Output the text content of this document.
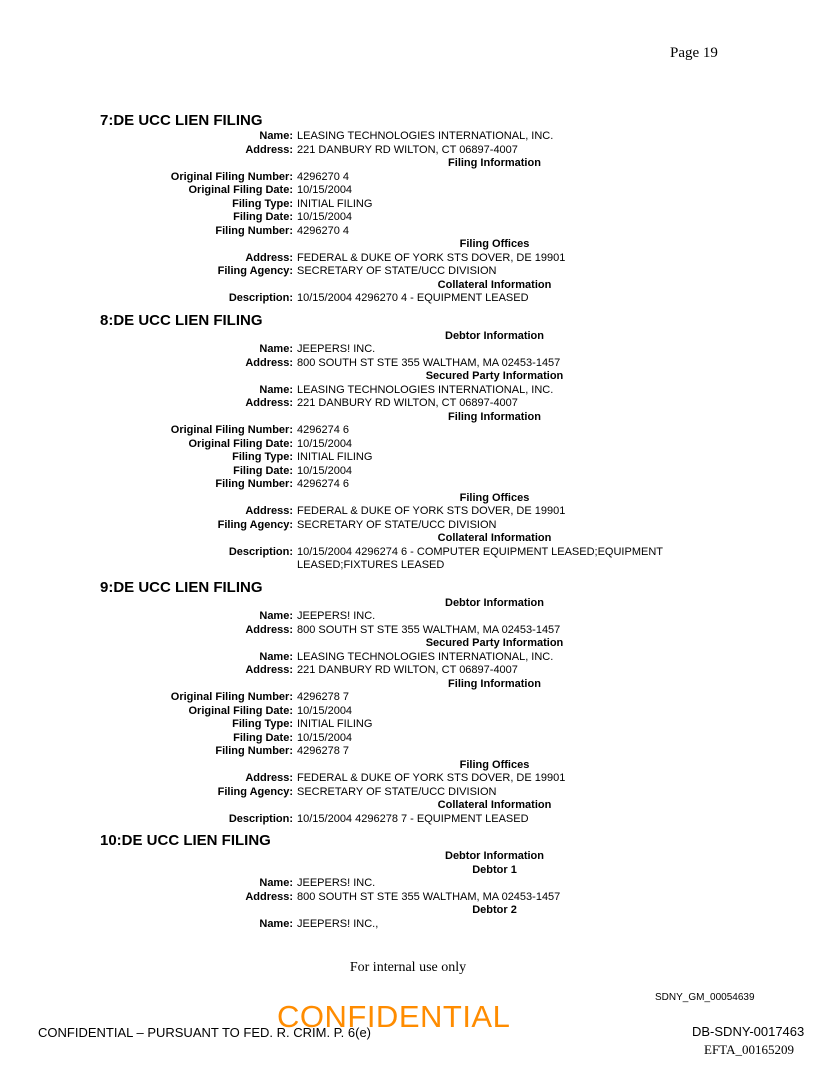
Page 19
7:DE UCC LIEN FILING
Name: LEASING TECHNOLOGIES INTERNATIONAL, INC.
Address: 221 DANBURY RD WILTON, CT 06897-4007
Filing Information
Original Filing Number: 4296270 4
Original Filing Date: 10/15/2004
Filing Type: INITIAL FILING
Filing Date: 10/15/2004
Filing Number: 4296270 4
Filing Offices
Address: FEDERAL & DUKE OF YORK STS DOVER, DE 19901
Filing Agency: SECRETARY OF STATE/UCC DIVISION
Collateral Information
Description: 10/15/2004 4296270 4 - EQUIPMENT LEASED
8:DE UCC LIEN FILING
Debtor Information
Name: JEEPERS! INC.
Address: 800 SOUTH ST STE 355 WALTHAM, MA 02453-1457
Secured Party Information
Name: LEASING TECHNOLOGIES INTERNATIONAL, INC.
Address: 221 DANBURY RD WILTON, CT 06897-4007
Filing Information
Original Filing Number: 4296274 6
Original Filing Date: 10/15/2004
Filing Type: INITIAL FILING
Filing Date: 10/15/2004
Filing Number: 4296274 6
Filing Offices
Address: FEDERAL & DUKE OF YORK STS DOVER, DE 19901
Filing Agency: SECRETARY OF STATE/UCC DIVISION
Collateral Information
Description: 10/15/2004 4296274 6 - COMPUTER EQUIPMENT LEASED;EQUIPMENT LEASED;FIXTURES LEASED
9:DE UCC LIEN FILING
Debtor Information
Name: JEEPERS! INC.
Address: 800 SOUTH ST STE 355 WALTHAM, MA 02453-1457
Secured Party Information
Name: LEASING TECHNOLOGIES INTERNATIONAL, INC.
Address: 221 DANBURY RD WILTON, CT 06897-4007
Filing Information
Original Filing Number: 4296278 7
Original Filing Date: 10/15/2004
Filing Type: INITIAL FILING
Filing Date: 10/15/2004
Filing Number: 4296278 7
Filing Offices
Address: FEDERAL & DUKE OF YORK STS DOVER, DE 19901
Filing Agency: SECRETARY OF STATE/UCC DIVISION
Collateral Information
Description: 10/15/2004 4296278 7 - EQUIPMENT LEASED
10:DE UCC LIEN FILING
Debtor Information
Debtor 1
Name: JEEPERS! INC.
Address: 800 SOUTH ST STE 355 WALTHAM, MA 02453-1457
Debtor 2
Name: JEEPERS! INC.,
For internal use only
SDNY_GM_00054639
CONFIDENTIAL – PURSUANT TO FED. R. CRIM. P. 6(e)
CONFIDENTIAL	DB-SDNY-0017463
EFTA_00165209
